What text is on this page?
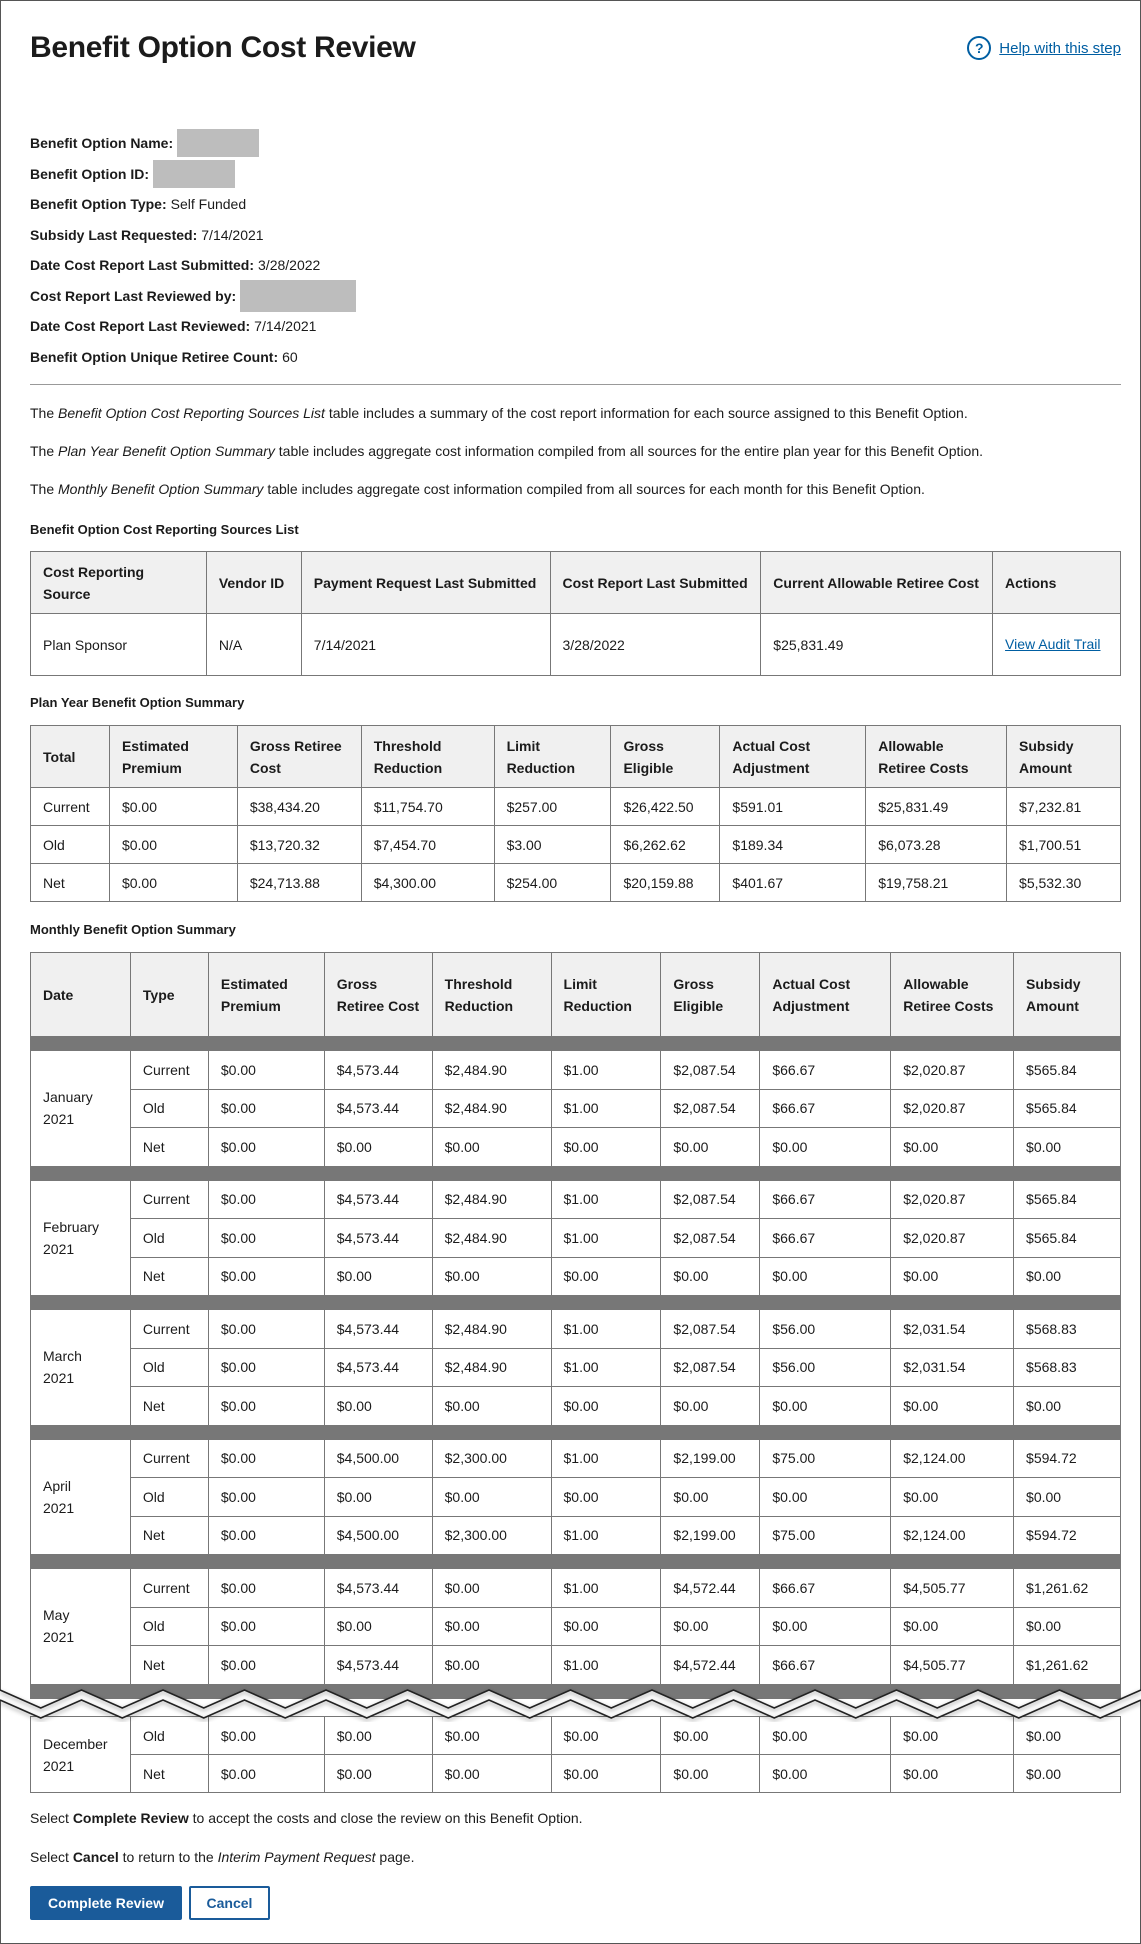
Benefit Option Cost Review	?	Help with this step
Benefit Option Name:
Benefit Option ID:
Benefit Option Type: Self Funded
Subsidy Last Requested: 7/14/2021
Date Cost Report Last Submitted: 3/28/2022
Cost Report Last Reviewed by:
Date Cost Report Last Reviewed: 7/14/2021
Benefit Option Unique Retiree Count: 60

The Benefit Option Cost Reporting Sources List table includes a summary of the cost report information for each source assigned to this Benefit Option.

The Plan Year Benefit Option Summary table includes aggregate cost information compiled from all sources for the entire plan year for this Benefit Option.

The Monthly Benefit Option Summary table includes aggregate cost information compiled from all sources for each month for this Benefit Option.

Benefit Option Cost Reporting Sources List
Cost Reporting Source	Vendor ID	Payment Request Last Submitted	Cost Report Last Submitted	Current Allowable Retiree Cost	Actions
Plan Sponsor	N/A	7/14/2021	3/28/2022	$25,831.49	View Audit Trail
Plan Year Benefit Option Summary
Total	Estimated Premium	Gross Retiree Cost	Threshold Reduction	Limit Reduction	Gross Eligible	Actual Cost Adjustment	Allowable Retiree Costs	Subsidy Amount
Current	$0.00	$38,434.20	$11,754.70	$257.00	$26,422.50	$591.01	$25,831.49	$7,232.81
Old	$0.00	$13,720.32	$7,454.70	$3.00	$6,262.62	$189.34	$6,073.28	$1,700.51
Net	$0.00	$24,713.88	$4,300.00	$254.00	$20,159.88	$401.67	$19,758.21	$5,532.30
Monthly Benefit Option Summary
Date	Type	Estimated Premium	Gross Retiree Cost	Threshold Reduction	Limit Reduction	Gross Eligible	Actual Cost Adjustment	Allowable Retiree Costs	Subsidy Amount

January
2021	Current	$0.00	$4,573.44	$2,484.90	$1.00	$2,087.54	$66.67	$2,020.87	$565.84
	Old	$0.00	$4,573.44	$2,484.90	$1.00	$2,087.54	$66.67	$2,020.87	$565.84
	Net	$0.00	$0.00	$0.00	$0.00	$0.00	$0.00	$0.00	$0.00

February
2021	Current	$0.00	$4,573.44	$2,484.90	$1.00	$2,087.54	$66.67	$2,020.87	$565.84
	Old	$0.00	$4,573.44	$2,484.90	$1.00	$2,087.54	$66.67	$2,020.87	$565.84
	Net	$0.00	$0.00	$0.00	$0.00	$0.00	$0.00	$0.00	$0.00

March
2021	Current	$0.00	$4,573.44	$2,484.90	$1.00	$2,087.54	$56.00	$2,031.54	$568.83
	Old	$0.00	$4,573.44	$2,484.90	$1.00	$2,087.54	$56.00	$2,031.54	$568.83
	Net	$0.00	$0.00	$0.00	$0.00	$0.00	$0.00	$0.00	$0.00

April
2021	Current	$0.00	$4,500.00	$2,300.00	$1.00	$2,199.00	$75.00	$2,124.00	$594.72
	Old	$0.00	$0.00	$0.00	$0.00	$0.00	$0.00	$0.00	$0.00
	Net	$0.00	$4,500.00	$2,300.00	$1.00	$2,199.00	$75.00	$2,124.00	$594.72

May
2021	Current	$0.00	$4,573.44	$0.00	$1.00	$4,572.44	$66.67	$4,505.77	$1,261.62
	Old	$0.00	$0.00	$0.00	$0.00	$0.00	$0.00	$0.00	$0.00
	Net	$0.00	$4,573.44	$0.00	$1.00	$4,572.44	$66.67	$4,505.77	$1,261.62

December
2021	Old	$0.00	$0.00	$0.00	$0.00	$0.00	$0.00	$0.00	$0.00
	Net	$0.00	$0.00	$0.00	$0.00	$0.00	$0.00	$0.00	$0.00

Select Complete Review to accept the costs and close the review on this Benefit Option.

Select Cancel to return to the Interim Payment Request page.

Complete Review	Cancel
